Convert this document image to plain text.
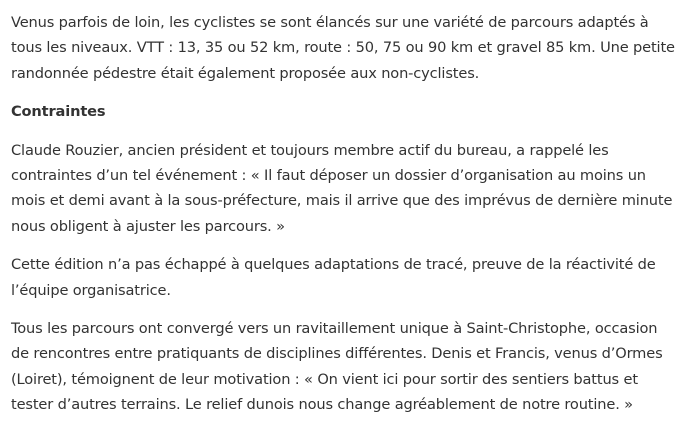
Venus parfois de loin, les cyclistes se sont élancés sur une variété de parcours adaptés à tous les niveaux. VTT : 13, 35 ou 52 km, route : 50, 75 ou 90 km et gravel 85 km. Une petite randonnée pédestre était également proposée aux non-cyclistes.

Contraintes

Claude Rouzier, ancien président et toujours membre actif du bureau, a rappelé les contraintes d’un tel événement : « Il faut déposer un dossier d’organisation au moins un mois et demi avant à la sous-préfecture, mais il arrive que des imprévus de dernière minute nous obligent à ajuster les parcours. »

Cette édition n’a pas échappé à quelques adaptations de tracé, preuve de la réactivité de l’équipe organisatrice.

Tous les parcours ont convergé vers un ravitaillement unique à Saint-Christophe, occasion de rencontres entre pratiquants de disciplines différentes. Denis et Francis, venus d’Ormes (Loiret), témoignent de leur motivation : « On vient ici pour sortir des sentiers battus et tester d’autres terrains. Le relief dunois nous change agréablement de notre routine. »
